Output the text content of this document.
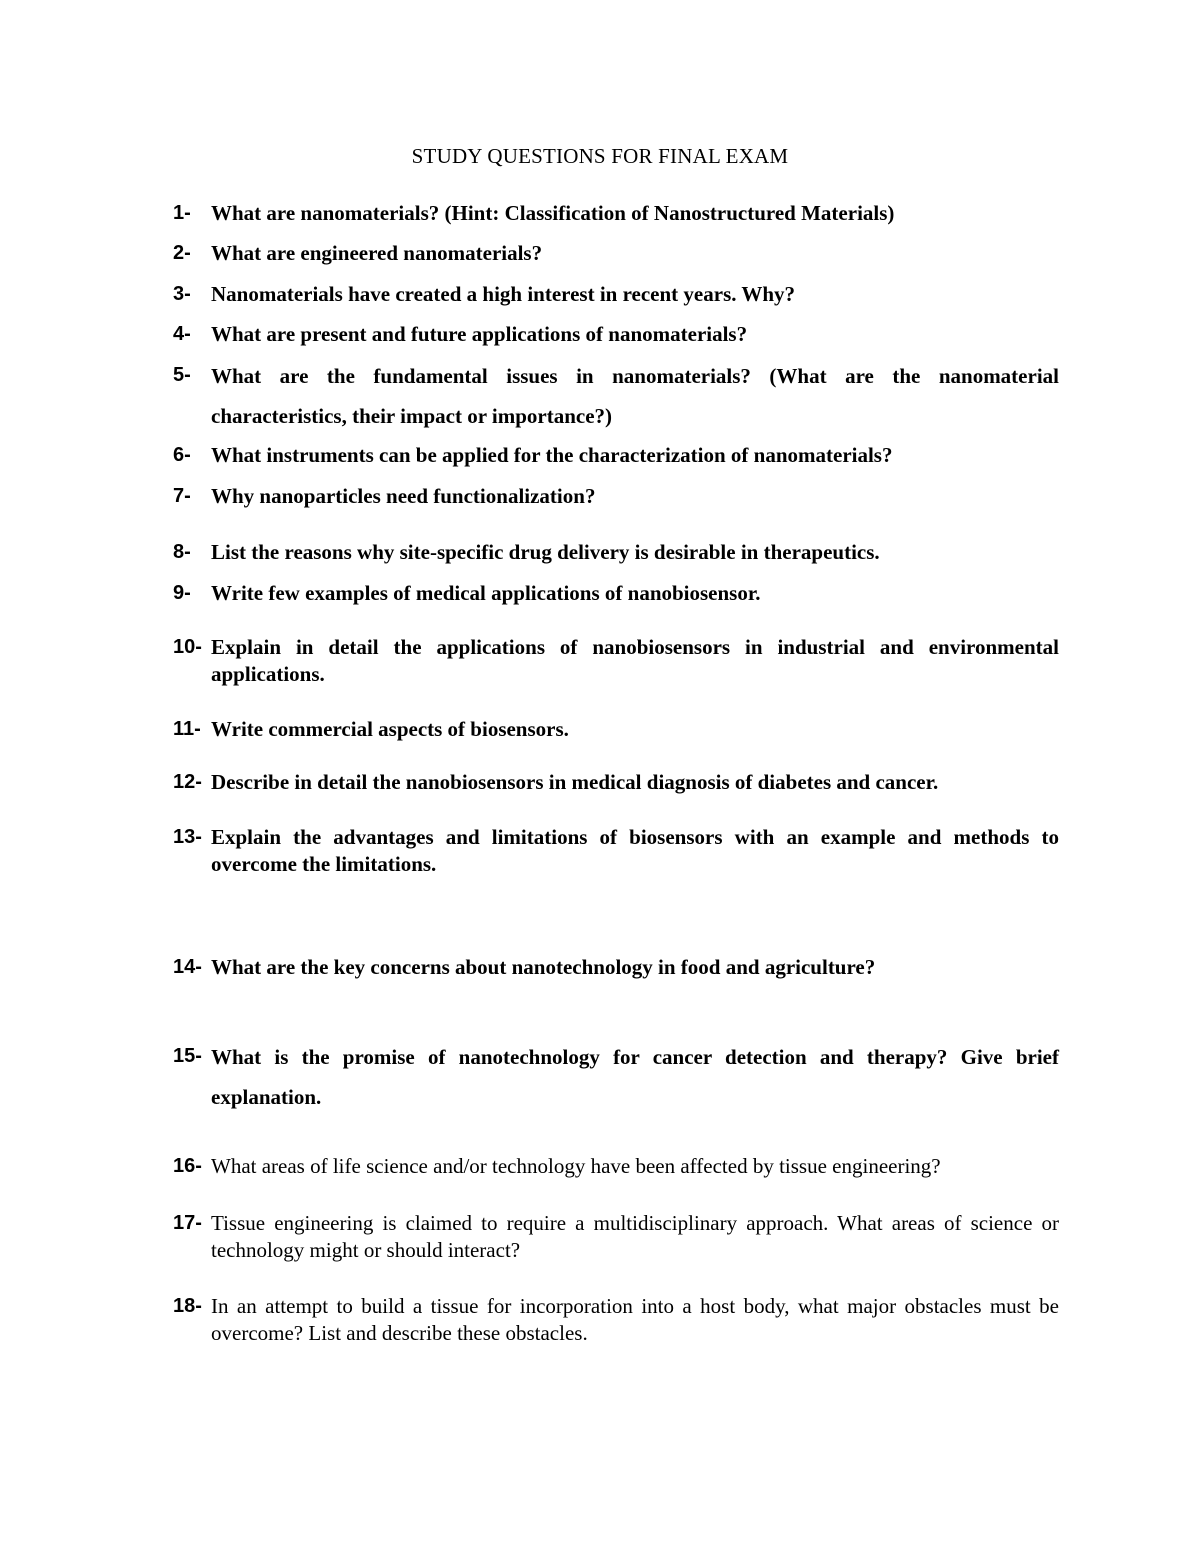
STUDY QUESTIONS FOR FINAL EXAM
1- What are nanomaterials? (Hint: Classification of Nanostructured Materials)
2- What are engineered nanomaterials?
3- Nanomaterials have created a high interest in recent years. Why?
4- What are present and future applications of nanomaterials?
5- What are the fundamental issues in nanomaterials? (What are the nanomaterial characteristics, their impact or importance?)
6- What instruments can be applied for the characterization of nanomaterials?
7- Why nanoparticles need functionalization?
8- List the reasons why site-specific drug delivery is desirable in therapeutics.
9- Write few examples of medical applications of nanobiosensor.
10- Explain in detail the applications of nanobiosensors in industrial and environmental applications.
11- Write commercial aspects of biosensors.
12- Describe in detail the nanobiosensors in medical diagnosis of diabetes and cancer.
13- Explain the advantages and limitations of biosensors with an example and methods to overcome the limitations.
14- What are the key concerns about nanotechnology in food and agriculture?
15- What is the promise of nanotechnology for cancer detection and therapy? Give brief explanation.
16- What areas of life science and/or technology have been affected by tissue engineering?
17- Tissue engineering is claimed to require a multidisciplinary approach. What areas of science or technology might or should interact?
18- In an attempt to build a tissue for incorporation into a host body, what major obstacles must be overcome? List and describe these obstacles.
